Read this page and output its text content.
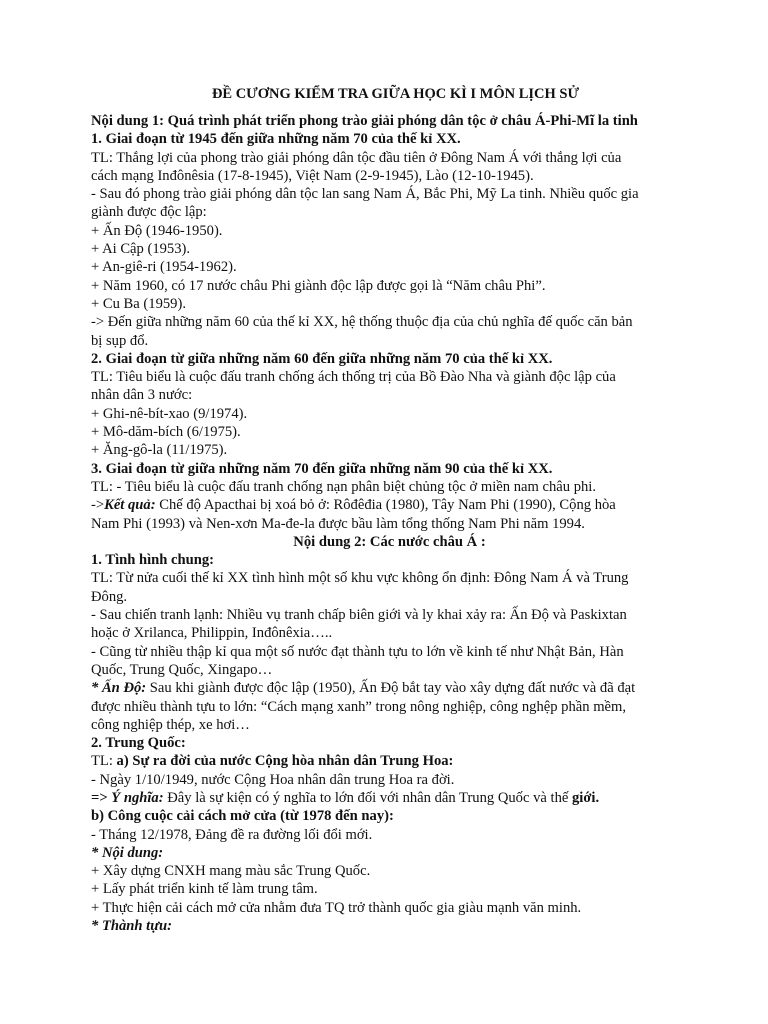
ĐỀ CƯƠNG KIỂM TRA GIỮA HỌC KÌ I MÔN LỊCH SỬ
Nội dung 1: Quá trình phát triển phong trào giải phóng dân tộc ở châu Á-Phi-Mĩ la tinh
1. Giai đoạn từ 1945 đến giữa những năm 70 của thế kỉ XX.
TL: Thắng lợi của phong trào giải phóng dân tộc đầu tiên ở Đông Nam Á với thắng lợi của
cách mạng Inđônêsia (17-8-1945), Việt Nam (2-9-1945), Lào (12-10-1945).
- Sau đó phong trào giải phóng dân tộc lan sang Nam Á, Bắc Phi, Mỹ La tinh. Nhiều quốc gia
giành được độc lập:
+ Ấn Độ (1946-1950).
+ Ai Cập (1953).
+ An-giê-ri (1954-1962).
+ Năm 1960, có 17 nước châu Phi giành độc lập được gọi là “Năm châu Phi”.
+ Cu Ba (1959).
-> Đến giữa những năm 60 của thế kỉ XX, hệ thống thuộc địa của chủ nghĩa đế quốc căn bản
bị sụp đổ.
2. Giai đoạn từ giữa những năm 60 đến giữa những năm 70 của thế kỉ XX.
TL: Tiêu biểu là cuộc đấu tranh chống ách thống trị của Bồ Đào Nha và giành độc lập của
nhân dân 3 nước:
+ Ghi-nê-bít-xao (9/1974).
+ Mô-dăm-bích (6/1975).
+ Ăng-gô-la (11/1975).
3. Giai đoạn từ giữa những năm 70 đến giữa những năm 90 của thế kỉ XX.
TL: - Tiêu biểu là cuộc đấu tranh chống nạn phân biệt chủng tộc ở miền nam châu phi.
->Kết quả: Chế độ Apacthai bị xoá bỏ ở: Rôđêđia (1980), Tây Nam Phi (1990), Cộng hòa
Nam Phi (1993) và Nen-xơn Ma-đe-la được bầu làm tổng thống Nam Phi năm 1994.
Nội dung 2: Các nước châu Á :
1. Tình hình chung:
TL: Từ nửa cuối thế kỉ XX tình hình một số khu vực không ổn định: Đông Nam Á và Trung
Đông.
- Sau chiến tranh lạnh: Nhiều vụ tranh chấp biên giới và ly khai xảy ra: Ấn Độ và Paskixtan
hoặc ở Xrilanca, Philippin, Inđônêxia…..
- Cũng từ nhiều thập kỉ qua một số nước đạt thành tựu to lớn về kinh tế như Nhật Bản, Hàn
Quốc, Trung Quốc, Xingapo…
* Ấn Độ: Sau khi giành được độc lập (1950), Ấn Độ bắt tay vào xây dựng đất nước và đã đạt
được nhiều thành tựu to lớn: “Cách mạng xanh” trong nông nghiệp, công nghệp phần mềm,
công nghiệp thép, xe hơi…
2. Trung Quốc:
TL: a) Sự ra đời của nước Cộng hòa nhân dân Trung Hoa:
- Ngày 1/10/1949, nước Cộng Hoa nhân dân trung Hoa ra đời.
=> Ý nghĩa: Đây là sự kiện có ý nghĩa to lớn đối với nhân dân Trung Quốc và thế giới.
b) Công cuộc cải cách mở cửa (từ 1978 đến nay):
- Tháng 12/1978, Đảng đề ra đường lối đổi mới.
* Nội dung:
+ Xây dựng CNXH mang màu sắc Trung Quốc.
+ Lấy phát triển kinh tế làm trung tâm.
+ Thực hiện cải cách mở cửa nhằm đưa TQ trở thành quốc gia giàu mạnh văn minh.
* Thành tựu:
